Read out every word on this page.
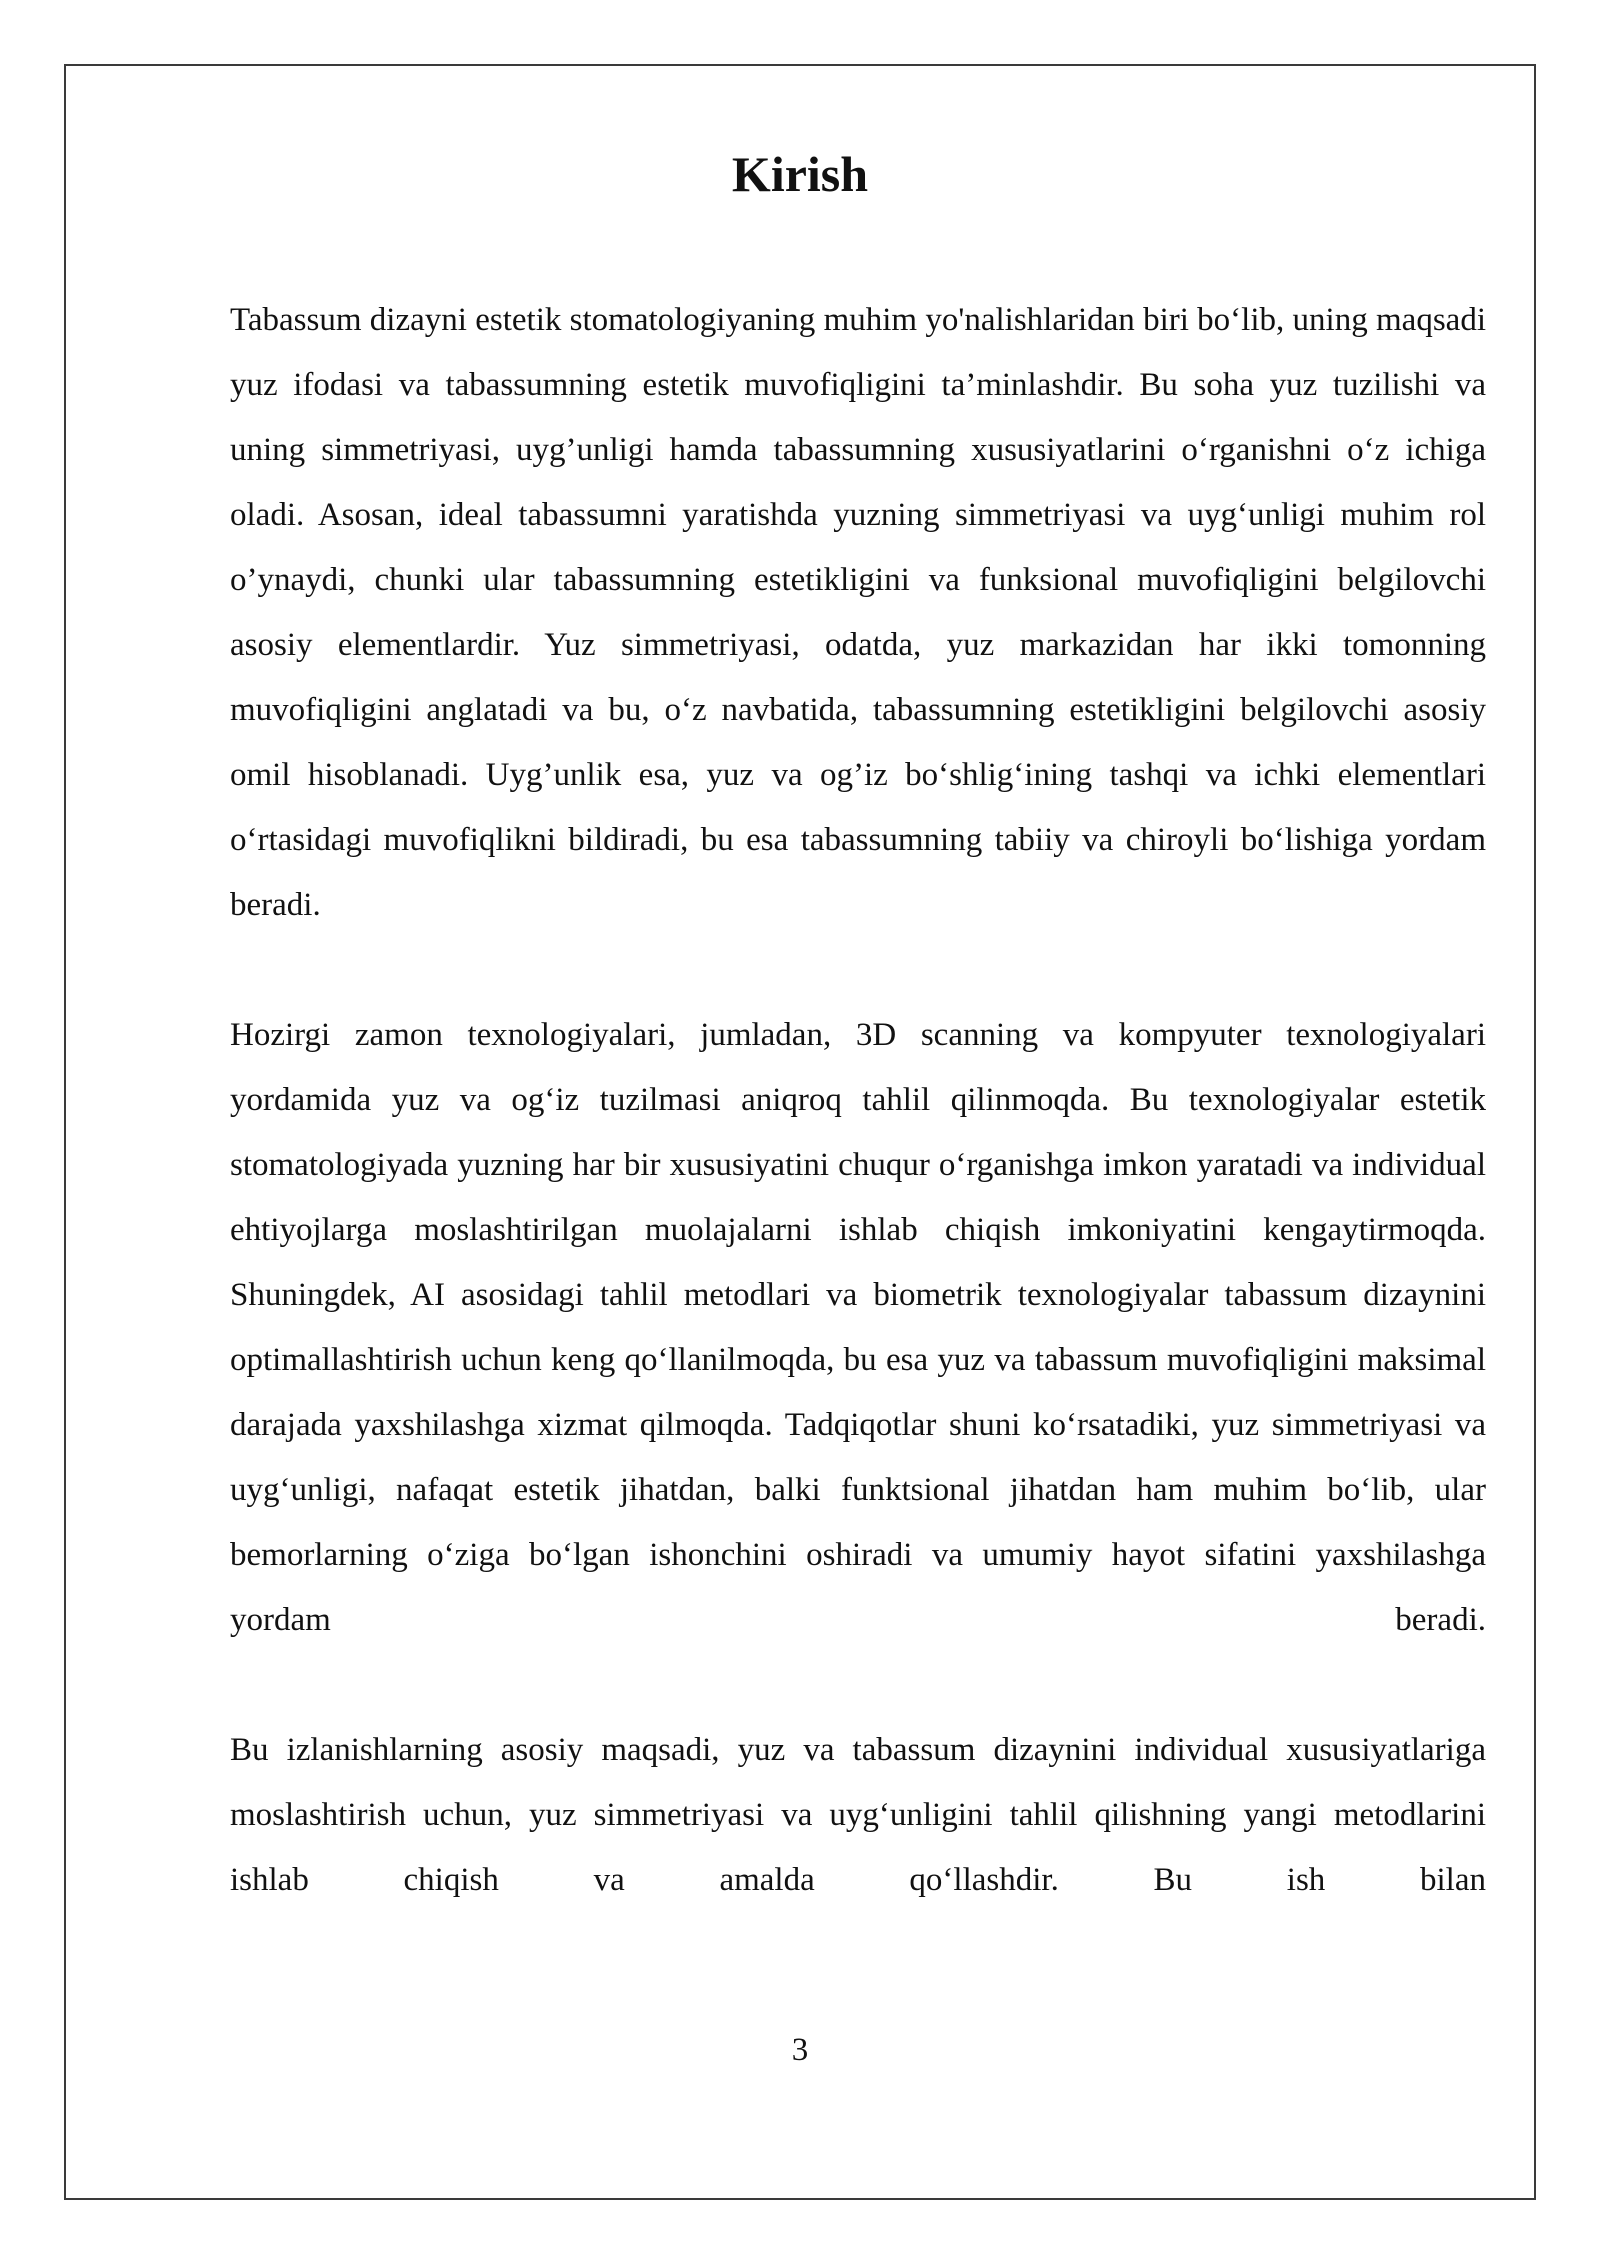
Kirish

Tabassum dizayni estetik stomatologiyaning muhim yo'nalishlaridan biri bo‘lib, uning maqsadi yuz ifodasi va tabassumning estetik muvofiqligini ta’minlashdir. Bu soha yuz tuzilishi va uning simmetriyasi, uyg’unligi hamda tabassumning xususiyatlarini o‘rganishni o‘z ichiga oladi. Asosan, ideal tabassumni yaratishda yuzning simmetriyasi va uyg‘unligi muhim rol o’ynaydi, chunki ular tabassumning estetikligini va funksional muvofiqligini belgilovchi asosiy elementlardir. Yuz simmetriyasi, odatda, yuz markazidan har ikki tomonning muvofiqligini anglatadi va bu, o‘z navbatida, tabassumning estetikligini belgilovchi asosiy omil hisoblanadi. Uyg’unlik esa, yuz va og’iz bo‘shlig‘ining tashqi va ichki elementlari o‘rtasidagi muvofiqlikni bildiradi, bu esa tabassumning tabiiy va chiroyli bo‘lishiga yordam beradi.

Hozirgi zamon texnologiyalari, jumladan, 3D scanning va kompyuter texnologiyalari yordamida yuz va og‘iz tuzilmasi aniqroq tahlil qilinmoqda. Bu texnologiyalar estetik stomatologiyada yuzning har bir xususiyatini chuqur o‘rganishga imkon yaratadi va individual ehtiyojlarga moslashtirilgan muolajalarni ishlab chiqish imkoniyatini kengaytirmoqda. Shuningdek, AI asosidagi tahlil metodlari va biometrik texnologiyalar tabassum dizaynini optimallashtirish uchun keng qo‘llanilmoqda, bu esa yuz va tabassum muvofiqligini maksimal darajada yaxshilashga xizmat qilmoqda. Tadqiqotlar shuni ko‘rsatadiki, yuz simmetriyasi va uyg‘unligi, nafaqat estetik jihatdan, balki funktsional jihatdan ham muhim bo‘lib, ular bemorlarning o‘ziga bo‘lgan ishonchini oshiradi va umumiy hayot sifatini yaxshilashga yordam beradi.

Bu izlanishlarning asosiy maqsadi, yuz va tabassum dizaynini individual xususiyatlariga moslashtirish uchun, yuz simmetriyasi va uyg‘unligini tahlil qilishning yangi metodlarini ishlab chiqish va amalda qo‘llashdir. Bu ish bilan

3
